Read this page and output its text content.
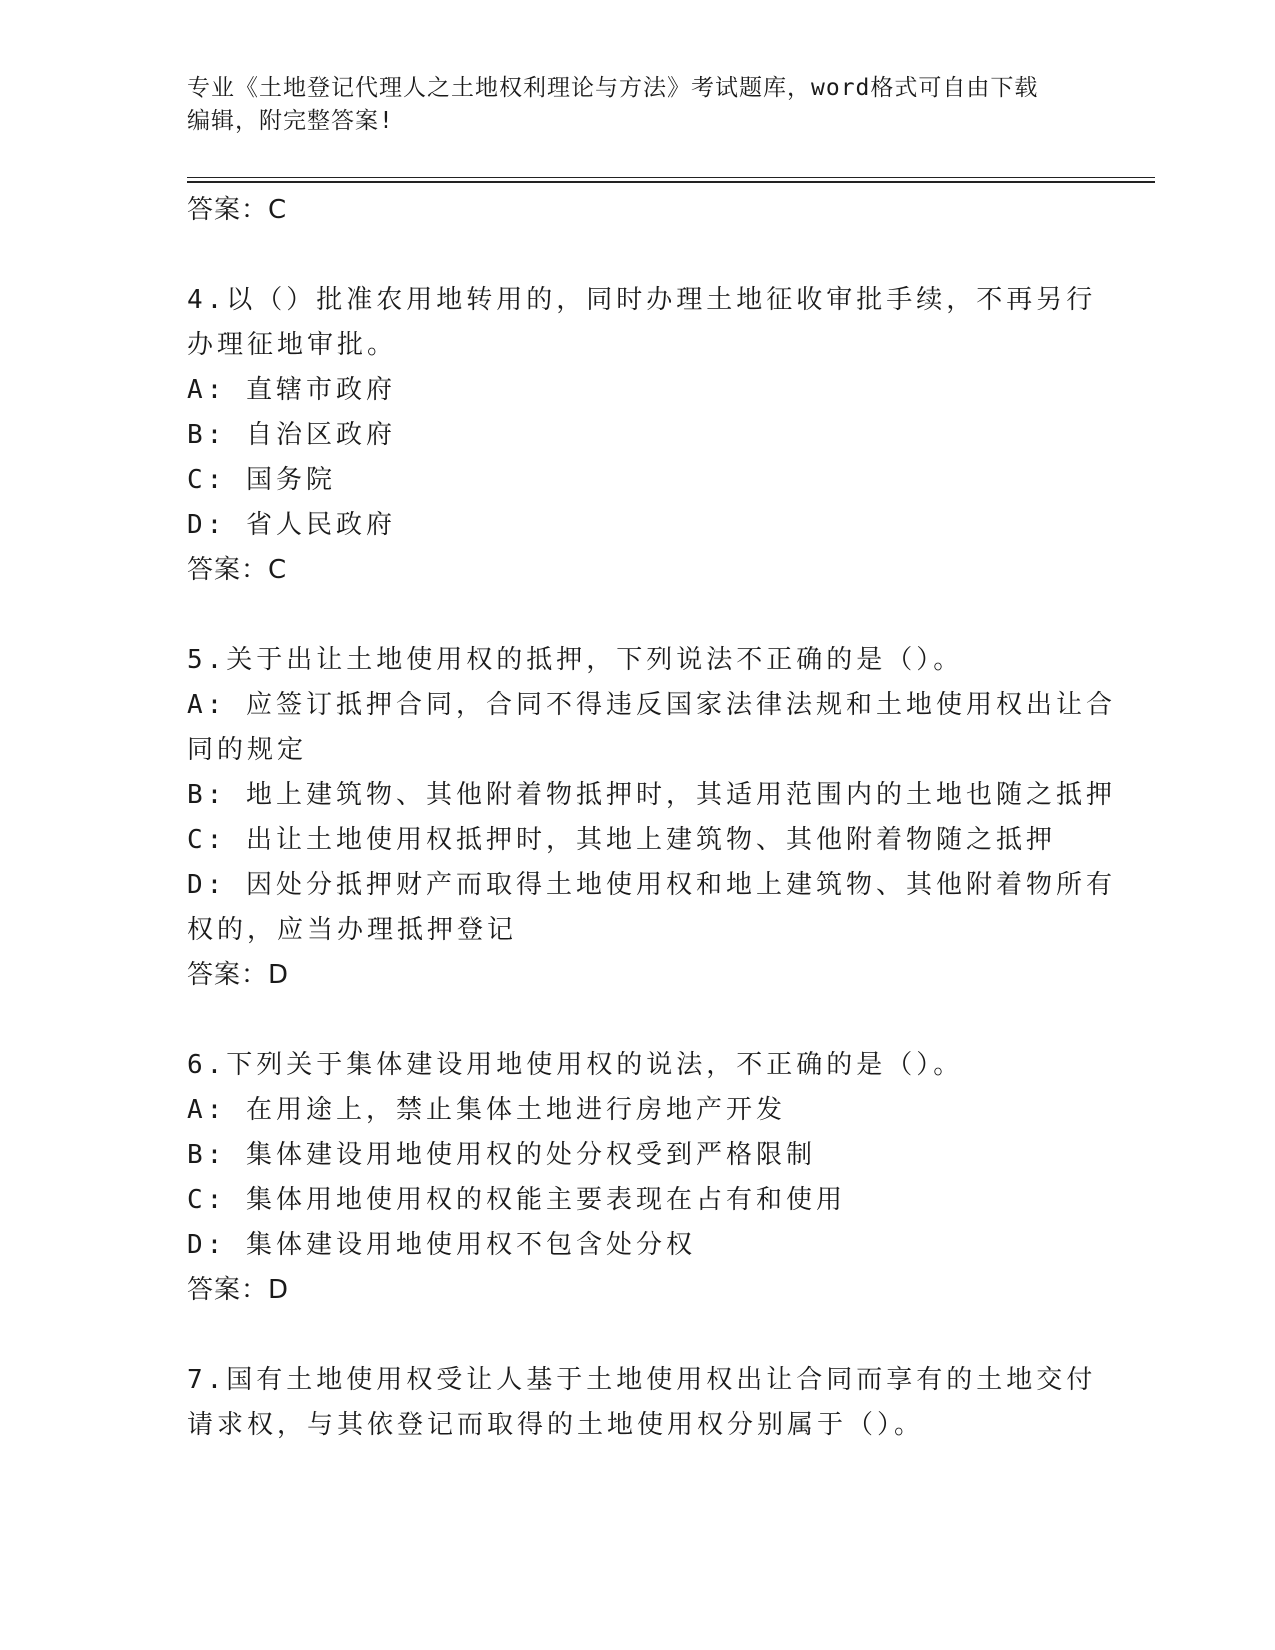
专业《土地登记代理人之土地权利理论与方法》考试题库，word格式可自由下载
编辑，附完整答案!
答案：C
4.以（）批准农用地转用的，同时办理土地征收审批手续，不再另行
办理征地审批。
A: 直辖市政府
B: 自治区政府
C: 国务院
D: 省人民政府
答案：C
5.关于出让土地使用权的抵押，下列说法不正确的是（）。
A: 应签订抵押合同，合同不得违反国家法律法规和土地使用权出让合
同的规定
B: 地上建筑物、其他附着物抵押时，其适用范围内的土地也随之抵押
C: 出让土地使用权抵押时，其地上建筑物、其他附着物随之抵押
D: 因处分抵押财产而取得土地使用权和地上建筑物、其他附着物所有
权的，应当办理抵押登记
答案：D
6.下列关于集体建设用地使用权的说法，不正确的是（）。
A: 在用途上，禁止集体土地进行房地产开发
B: 集体建设用地使用权的处分权受到严格限制
C: 集体用地使用权的权能主要表现在占有和使用
D: 集体建设用地使用权不包含处分权
答案：D
7.国有土地使用权受让人基于土地使用权出让合同而享有的土地交付
请求权，与其依登记而取得的土地使用权分别属于（）。
